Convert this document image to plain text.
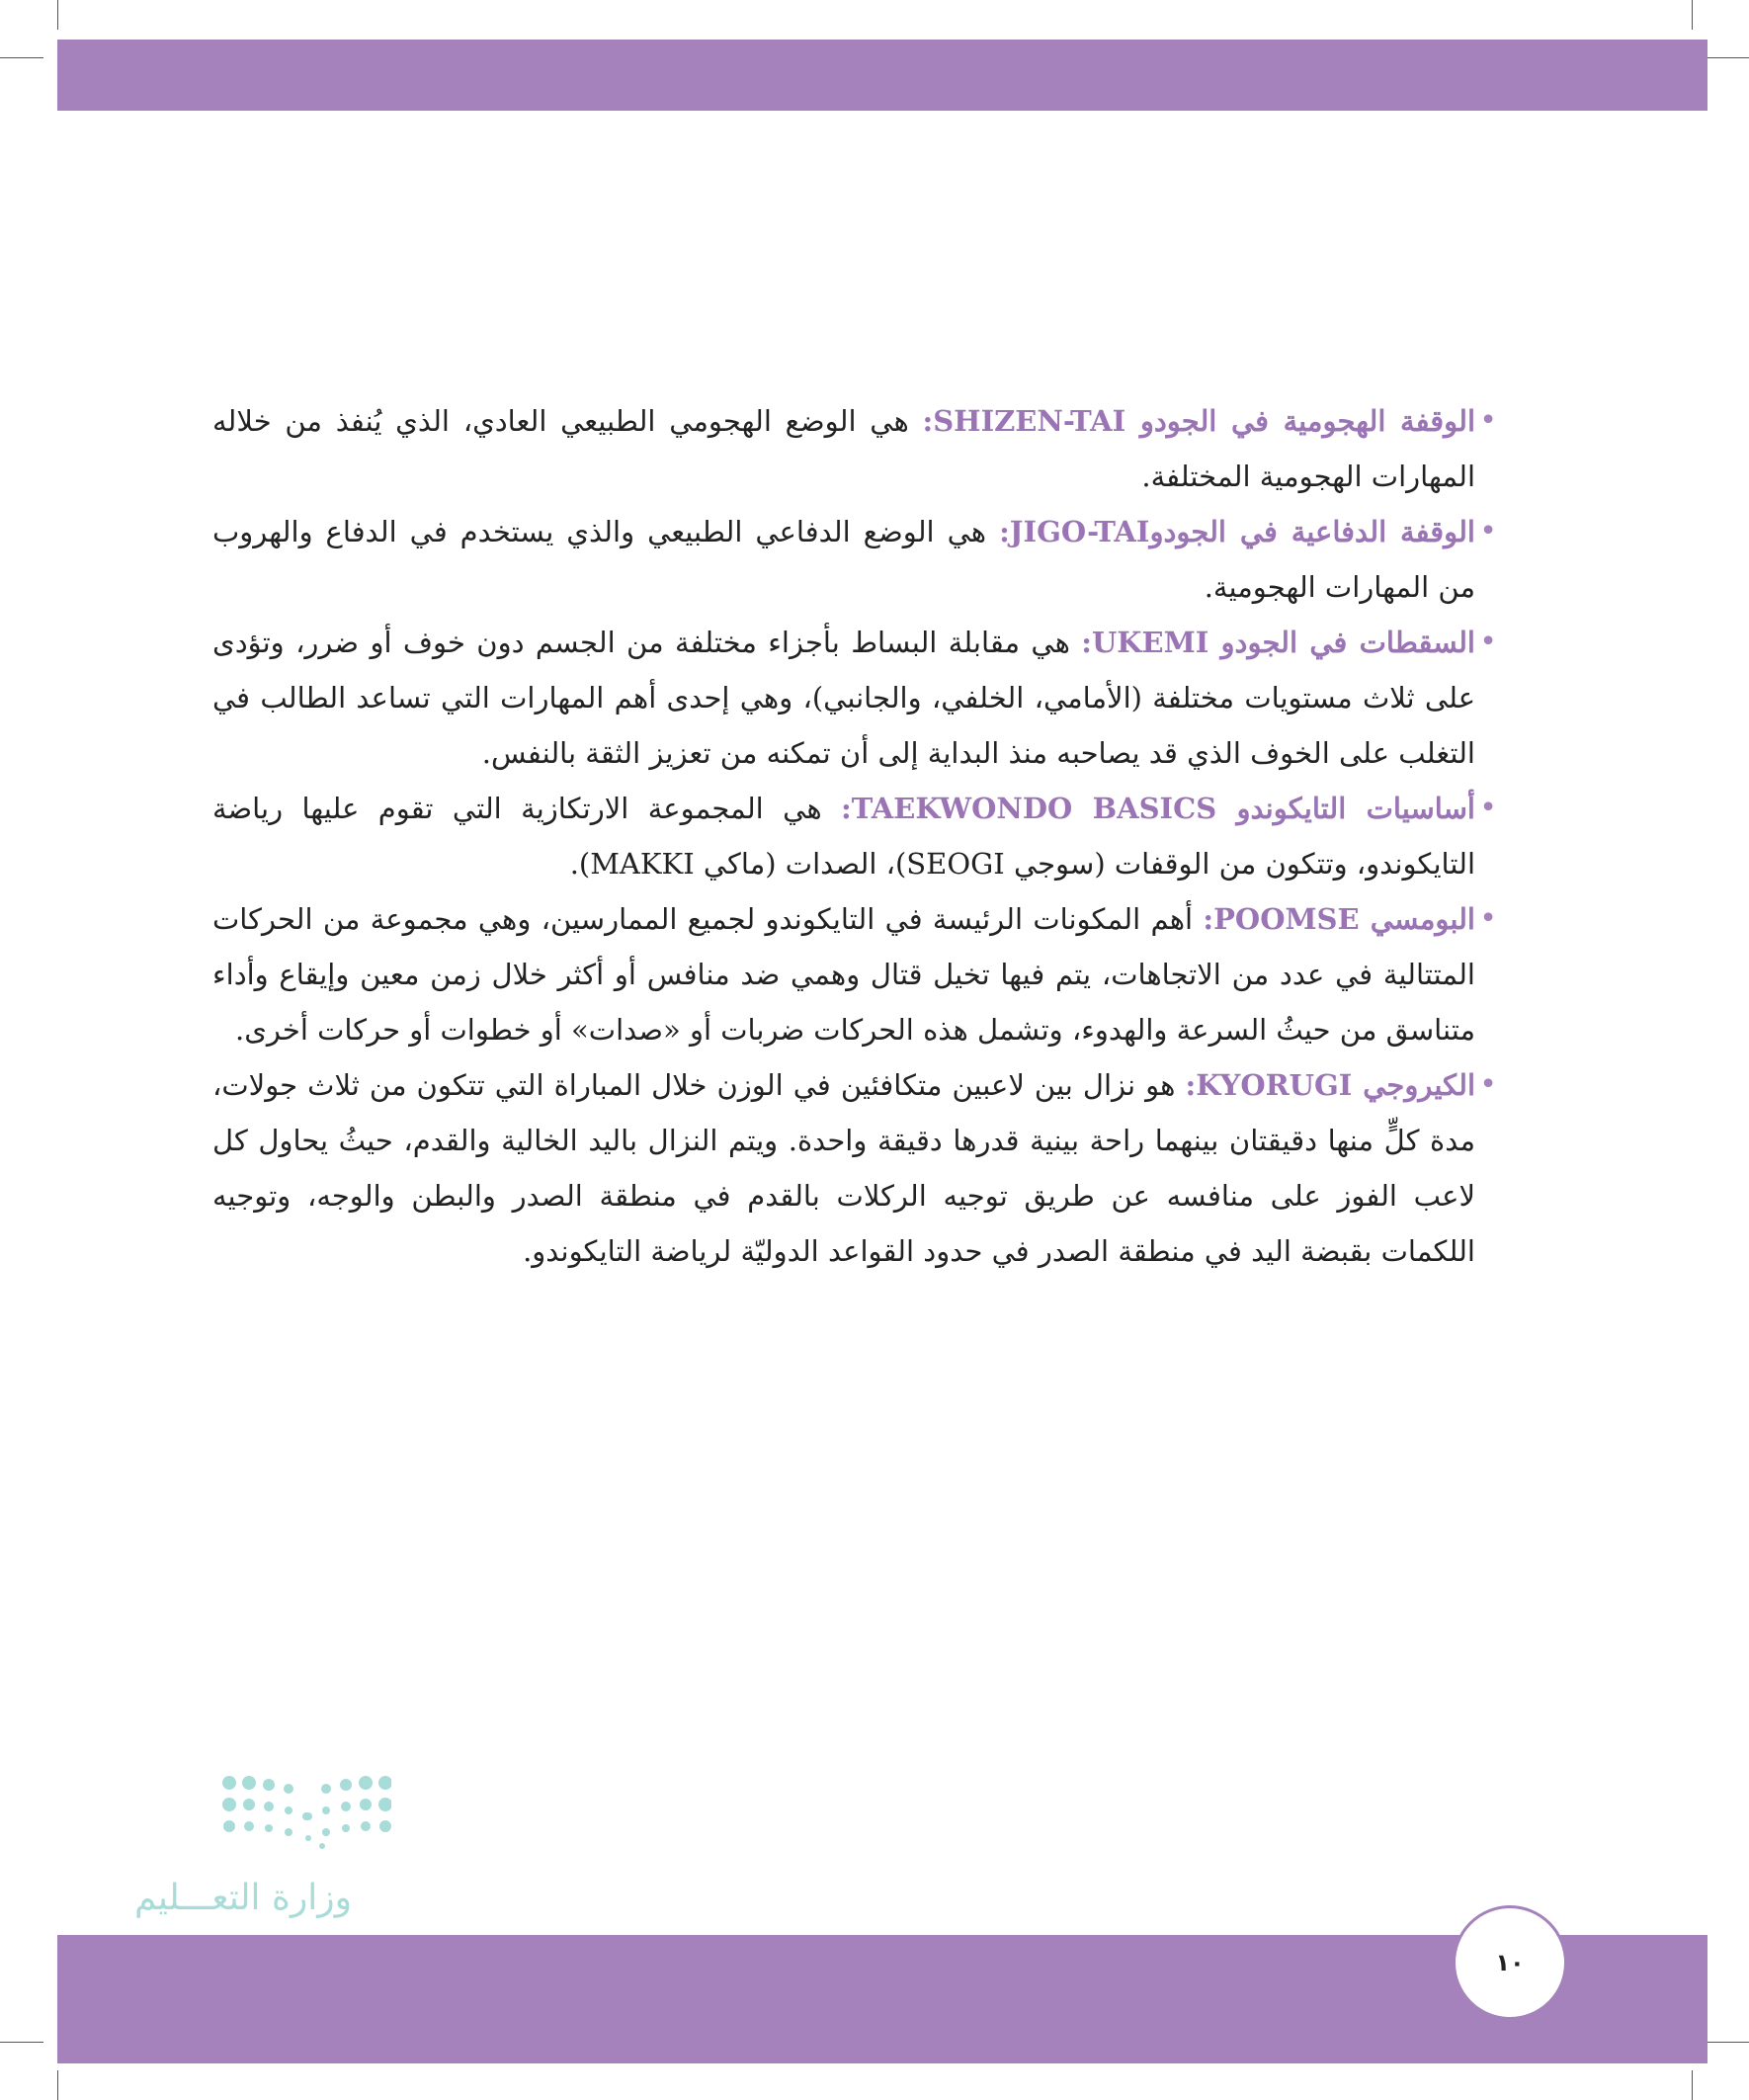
• الوقفة الهجومية في الجودو SHIZEN-TAI: هي الوضع الهجومي الطبيعي العادي، الذي يُنفذ من خلاله المهارات الهجومية المختلفة.
• الوقفة الدفاعية في الجودوJIGO-TAI: هي الوضع الدفاعي الطبيعي والذي يستخدم في الدفاع والهروب من المهارات الهجومية.
• السقطات في الجودو UKEMI: هي مقابلة البساط بأجزاء مختلفة من الجسم دون خوف أو ضرر، وتؤدى على ثلاث مستويات مختلفة (الأمامي، الخلفي، والجانبي)، وهي إحدى أهم المهارات التي تساعد الطالب في التغلب على الخوف الذي قد يصاحبه منذ البداية إلى أن تمكنه من تعزيز الثقة بالنفس.
• أساسيات التايكوندو TAEKWONDO BASICS: هي المجموعة الارتكازية التي تقوم عليها رياضة التايكوندو، وتتكون من الوقفات (سوجي SEOGI)، الصدات (ماكي MAKKI).
• البومسي POOMSE: أهم المكونات الرئيسة في التايكوندو لجميع الممارسين، وهي مجموعة من الحركات المتتالية في عدد من الاتجاهات، يتم فيها تخيل قتال وهمي ضد منافس أو أكثر خلال زمن معين وإيقاع وأداء متناسق من حيثُ السرعة والهدوء، وتشمل هذه الحركات ضربات أو «صدات» أو خطوات أو حركات أخرى.
• الكيروجي KYORUGI: هو نزال بين لاعبين متكافئين في الوزن خلال المباراة التي تتكون من ثلاث جولات، مدة كلٍّ منها دقيقتان بينهما راحة بينية قدرها دقيقة واحدة. ويتم النزال باليد الخالية والقدم، حيثُ يحاول كل لاعب الفوز على منافسه عن طريق توجيه الركلات بالقدم في منطقة الصدر والبطن والوجه، وتوجيه اللكمات بقبضة اليد في منطقة الصدر في حدود القواعد الدوليّة لرياضة التايكوندو.
وزارة التعـــليم
١٠
